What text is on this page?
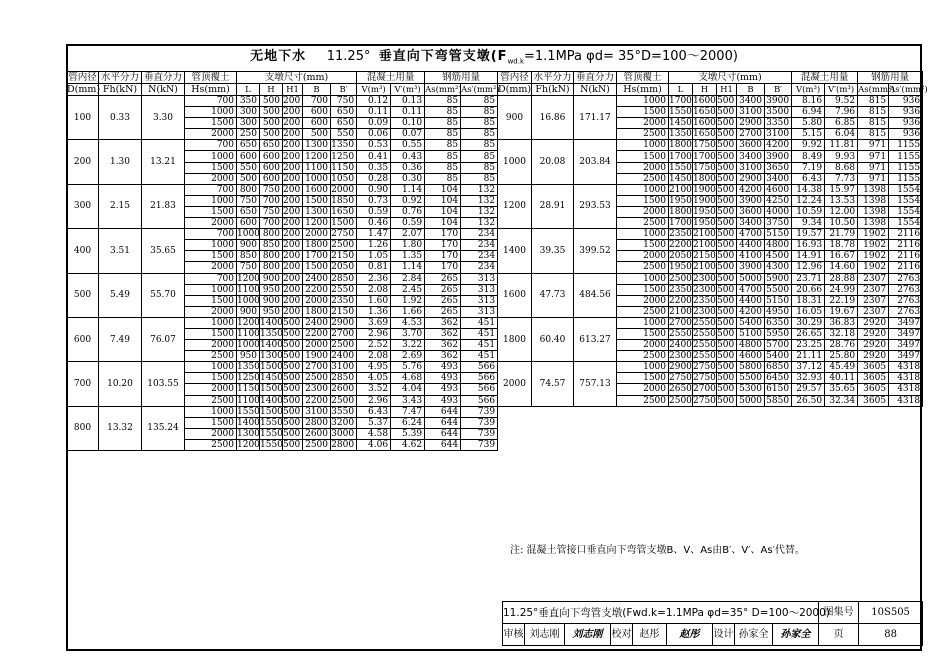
无地下水 11.25° 垂直向下弯管支墩($F_{wd.k}=1.1MPa$ φd= 35°D=100～2000)
管内径	水平分力	垂直分力	管顶覆土	支墩尺寸(mm)					混凝土用量		钢筋用量	
D(mm)	Fh(kN)	N(kN)	Hs(mm)	L	H	H1	B	B′	V(m³)	V′(m³)	As(mm²)	As′(mm²)
100	0.33	3.30	700	350	500	200	700	750	0.12	0.13	85	85
			1000	300	500	200	600	650	0.11	0.11	85	85
			1500	300	500	200	600	650	0.09	0.10	85	85
			2000	250	500	200	500	550	0.06	0.07	85	85
200	1.30	13.21	700	650	650	200	1300	1350	0.53	0.55	85	85
			1000	600	600	200	1200	1250	0.41	0.43	85	85
			1500	550	600	200	1100	1150	0.35	0.36	85	85
			2000	500	600	200	1000	1050	0.28	0.30	85	85
300	2.15	21.83	700	800	750	200	1600	2000	0.90	1.14	104	132
			1000	750	700	200	1500	1850	0.73	0.92	104	132
			1500	650	750	200	1300	1650	0.59	0.76	104	132
			2000	600	700	200	1200	1500	0.46	0.59	104	132
400	3.51	35.65	700	1000	800	200	2000	2750	1.47	2.07	170	234
			1000	900	850	200	1800	2500	1.26	1.80	170	234
			1500	850	800	200	1700	2150	1.05	1.35	170	234
			2000	750	800	200	1500	2050	0.81	1.14	170	234
500	5.49	55.70	700	1200	900	200	2400	2850	2.36	2.84	265	313
			1000	1100	950	200	2200	2550	2.08	2.45	265	313
			1500	1000	900	200	2000	2350	1.60	1.92	265	313
			2000	900	950	200	1800	2150	1.36	1.66	265	313
600	7.49	76.07	1000	1200	1400	500	2400	2900	3.69	4.53	362	451
			1500	1100	1350	500	2200	2700	2.96	3.70	362	451
			2000	1000	1400	500	2000	2500	2.52	3.22	362	451
			2500	950	1300	500	1900	2400	2.08	2.69	362	451
700	10.20	103.55	1000	1350	1500	500	2700	3100	4.95	5.76	493	566
			1500	1250	1450	500	2500	2850	4.05	4.68	493	566
			2000	1150	1500	500	2300	2600	3.52	4.04	493	566
			2500	1100	1400	500	2200	2500	2.96	3.43	493	566
800	13.32	135.24	1000	1550	1500	500	3100	3550	6.43	7.47	644	739
			1500	1400	1550	500	2800	3200	5.37	6.24	644	739
			2000	1300	1550	500	2600	3000	4.58	5.39	644	739
			2500	1200	1550	500	2500	2800	4.06	4.62	644	739
管内径	水平分力	垂直分力	管顶覆土	支墩尺寸(mm)					混凝土用量		钢筋用量	
D(mm)	Fh(kN)	N(kN)	Hs(mm)	L	H	H1	B	B′	V(m³)	V′(m³)	As(mm²)	As′(mm²)
900	16.86	171.17	1000	1700	1600	500	3400	3900	8.16	9.52	815	936
			1500	1550	1650	500	3100	3500	6.94	7.96	815	936
			2000	1450	1600	500	2900	3350	5.80	6.85	815	936
			2500	1350	1650	500	2700	3100	5.15	6.04	815	936
1000	20.08	203.84	1000	1800	1750	500	3600	4200	9.92	11.81	971	1155
			1500	1700	1700	500	3400	3900	8.49	9.93	971	1155
			2000	1550	1750	500	3100	3650	7.19	8.68	971	1155
			2500	1450	1800	500	2900	3400	6.43	7.73	971	1155
1200	28.91	293.53	1000	2100	1900	500	4200	4600	14.38	15.97	1398	1554
			1500	1950	1900	500	3900	4250	12.24	13.53	1398	1554
			2000	1800	1950	500	3600	4000	10.59	12.00	1398	1554
			2500	1700	1950	500	3400	3750	9.34	10.50	1398	1554
1400	39.35	399.52	1000	2350	2100	500	4700	5150	19.57	21.79	1902	2116
			1500	2200	2100	500	4400	4800	16.93	18.78	1902	2116
			2000	2050	2150	500	4100	4500	14.91	16.67	1902	2116
			2500	1950	2100	500	3900	4300	12.96	14.60	1902	2116
1600	47.73	484.56	1000	2500	2300	500	5000	5900	23.71	28.88	2307	2763
			1500	2350	2300	500	4700	5500	20.66	24.99	2307	2763
			2000	2200	2350	500	4400	5150	18.31	22.19	2307	2763
			2500	2100	2300	500	4200	4950	16.05	19.67	2307	2763
1800	60.40	613.27	1000	2700	2550	500	5400	6350	30.29	36.83	2920	3497
			1500	2550	2550	500	5100	5950	26.65	32.18	2920	3497
			2000	2400	2550	500	4800	5700	23.25	28.76	2920	3497
			2500	2300	2550	500	4600	5400	21.11	25.80	2920	3497
2000	74.57	757.13	1000	2900	2750	500	5800	6850	37.12	45.49	3605	4318
			1500	2750	2750	500	5500	6450	32.93	40.11	3605	4318
			2000	2650	2700	500	5300	6150	29.57	35.65	3605	4318
			2500	2500	2750	500	5000	5850	26.50	32.34	3605	4318
注: 混凝土管接口垂直向下弯管支墩B、V、As由B′、V′、As′代替。
11.25°垂直向下弯管支墩(Fwd.k=1.1MPa φd=35° D=100～2000)									图集号	10S505
审核	刘志刚	刘志刚	校对	赵彤	赵彤	设计	孙家全	孙家全	页	88
